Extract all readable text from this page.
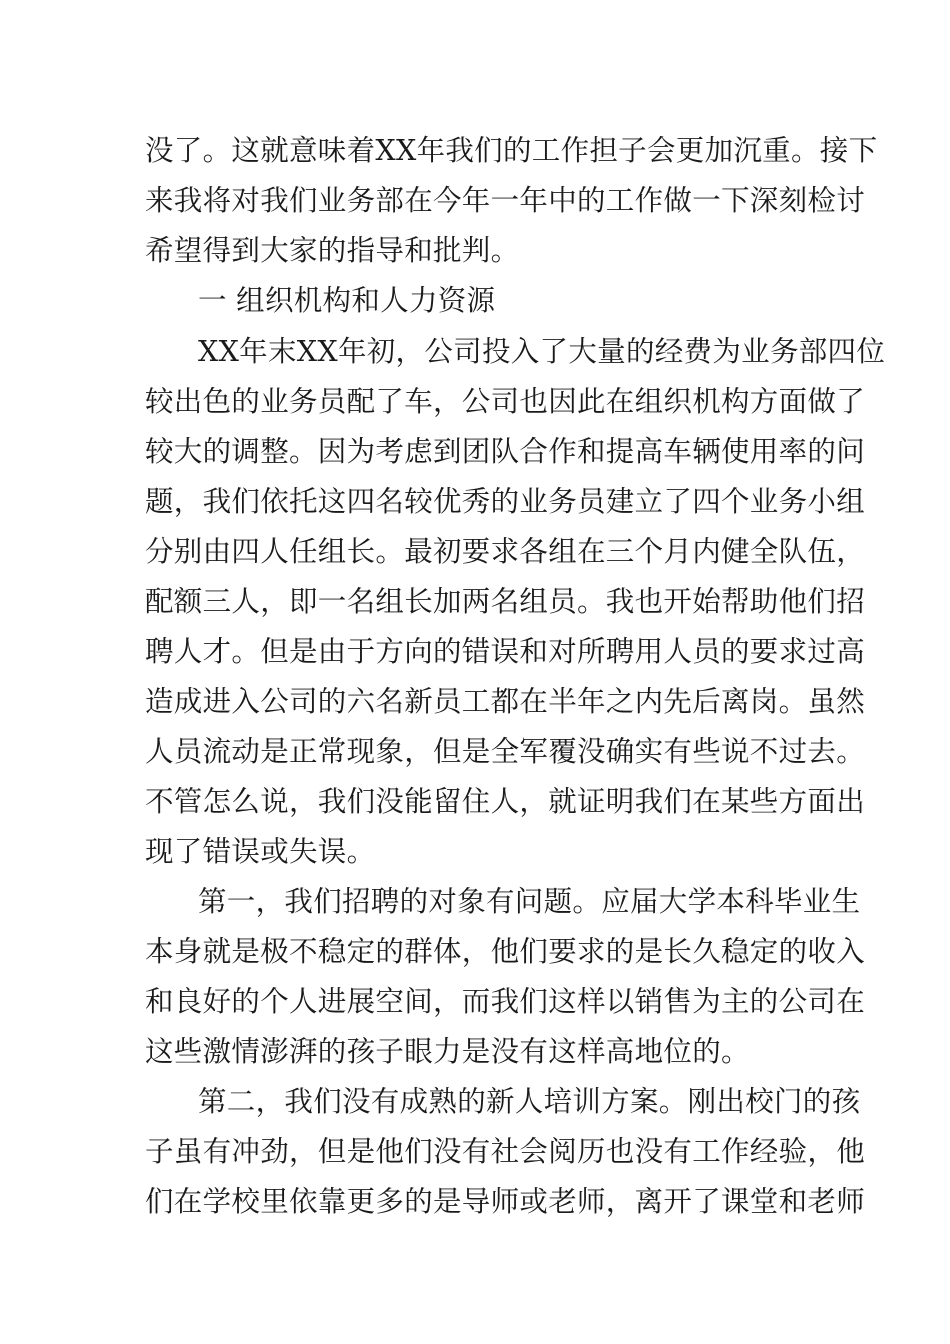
没了。这就意味着XX年我们的工作担子会更加沉重。接下
来我将对我们业务部在今年一年中的工作做一下深刻检讨
希望得到大家的指导和批判。
一 组织机构和人力资源
XX年末XX年初，公司投入了大量的经费为业务部四位
较出色的业务员配了车，公司也因此在组织机构方面做了
较大的调整。因为考虑到团队合作和提高车辆使用率的问
题，我们依托这四名较优秀的业务员建立了四个业务小组
分别由四人任组长。最初要求各组在三个月内健全队伍，
配额三人，即一名组长加两名组员。我也开始帮助他们招
聘人才。但是由于方向的错误和对所聘用人员的要求过高
造成进入公司的六名新员工都在半年之内先后离岗。虽然
人员流动是正常现象，但是全军覆没确实有些说不过去。
不管怎么说，我们没能留住人，就证明我们在某些方面出
现了错误或失误。
第一，我们招聘的对象有问题。应届大学本科毕业生
本身就是极不稳定的群体，他们要求的是长久稳定的收入
和良好的个人进展空间，而我们这样以销售为主的公司在
这些激情澎湃的孩子眼力是没有这样高地位的。
第二，我们没有成熟的新人培训方案。刚出校门的孩
子虽有冲劲，但是他们没有社会阅历也没有工作经验，他
们在学校里依靠更多的是导师或老师，离开了课堂和老师
